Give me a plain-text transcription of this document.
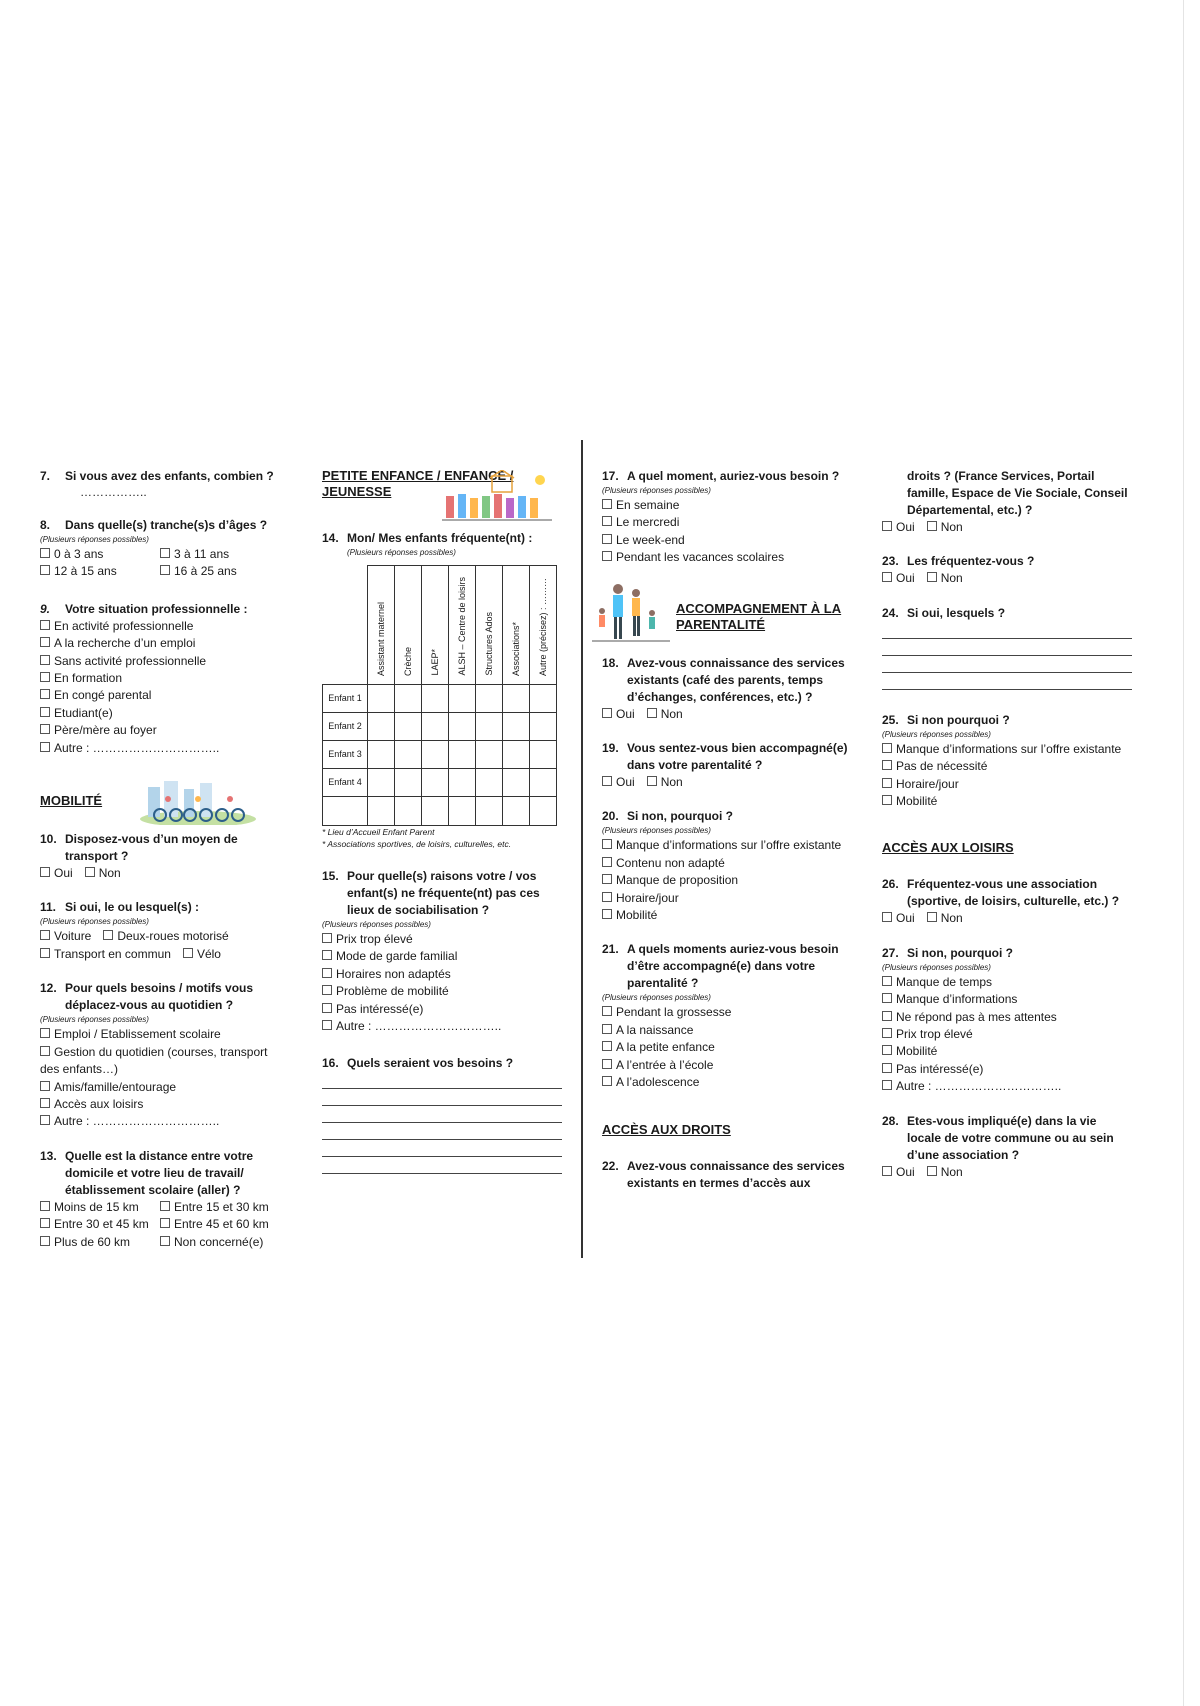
7. Si vous avez des enfants, combien ?
……………..
8. Dans quelle(s) tranche(s)s d’âges ?
(Plusieurs réponses possibles)
0 à 3 ans	3 à 11 ans
12 à 15 ans	16 à 25 ans
9. Votre situation professionnelle :
En activité professionnelle
A la recherche d’un emploi
Sans activité professionnelle
En formation
En congé parental
Etudiant(e)
Père/mère au foyer
Autre : …………………………..
MOBILITÉ
10. Disposez-vous d’un moyen de transport ?
Oui Non
11. Si oui, le ou lesquel(s) :
(Plusieurs réponses possibles)
Voiture Deux-roues motorisé
Transport en commun Vélo
12. Pour quels besoins / motifs vous déplacez-vous au quotidien ?
(Plusieurs réponses possibles)
Emploi / Etablissement scolaire
Gestion du quotidien (courses, transport des enfants…)
Amis/famille/entourage
Accès aux loisirs
Autre : …………………………..
13. Quelle est la distance entre votre domicile et votre lieu de travail/établissement scolaire (aller) ?
Moins de 15 km	Entre 15 et 30 km
Entre 30 et 45 km	Entre 45 et 60 km
Plus de 60 km	Non concerné(e)
PETITE ENFANCE / ENFANCE / JEUNESSE
14. Mon/ Mes enfants fréquente(nt) :
(Plusieurs réponses possibles)
	Assistant maternel	Crèche	LAEP*	ALSH – Centre de loisirs	Structures Ados	Associations*	Autre (précisez) : ………
Enfant 1							
Enfant 2							
Enfant 3							
Enfant 4							

* Lieu d’Accueil Enfant Parent
* Associations sportives, de loisirs, culturelles, etc.
15. Pour quelle(s) raisons votre / vos enfant(s) ne fréquente(nt) pas ces lieux de sociabilisation ?
(Plusieurs réponses possibles)
Prix trop élevé
Mode de garde familial
Horaires non adaptés
Problème de mobilité
Pas intéressé(e)
Autre : …………………………..
16. Quels seraient vos besoins ?
17. A quel moment, auriez-vous besoin ?
(Plusieurs réponses possibles)
En semaine
Le mercredi
Le week-end
Pendant les vacances scolaires
ACCOMPAGNEMENT À LA PARENTALITÉ
18. Avez-vous connaissance des services existants (café des parents, temps d’échanges, conférences, etc.) ?
Oui Non
19. Vous sentez-vous bien accompagné(e) dans votre parentalité ?
Oui Non
20. Si non, pourquoi ?
(Plusieurs réponses possibles)
Manque d’informations sur l’offre existante
Contenu non adapté
Manque de proposition
Horaire/jour
Mobilité
21. A quels moments auriez-vous besoin d’être accompagné(e) dans votre parentalité ?
(Plusieurs réponses possibles)
Pendant la grossesse
A la naissance
A la petite enfance
A l’entrée à l’école
A l’adolescence
ACCÈS AUX DROITS
22. Avez-vous connaissance des services existants en termes d’accès aux
droits ? (France Services, Portail famille, Espace de Vie Sociale, Conseil Départemental, etc.) ?
Oui Non
23. Les fréquentez-vous ?
Oui Non
24. Si oui, lesquels ?
25. Si non pourquoi ?
(Plusieurs réponses possibles)
Manque d’informations sur l’offre existante
Pas de nécessité
Horaire/jour
Mobilité
ACCÈS AUX LOISIRS
26. Fréquentez-vous une association (sportive, de loisirs, culturelle, etc.) ?
Oui Non
27. Si non, pourquoi ?
(Plusieurs réponses possibles)
Manque de temps
Manque d’informations
Ne répond pas à mes attentes
Prix trop élevé
Mobilité
Pas intéressé(e)
Autre : …………………………..
28. Etes-vous impliqué(e) dans la vie locale de votre commune ou au sein d’une association ?
Oui Non
